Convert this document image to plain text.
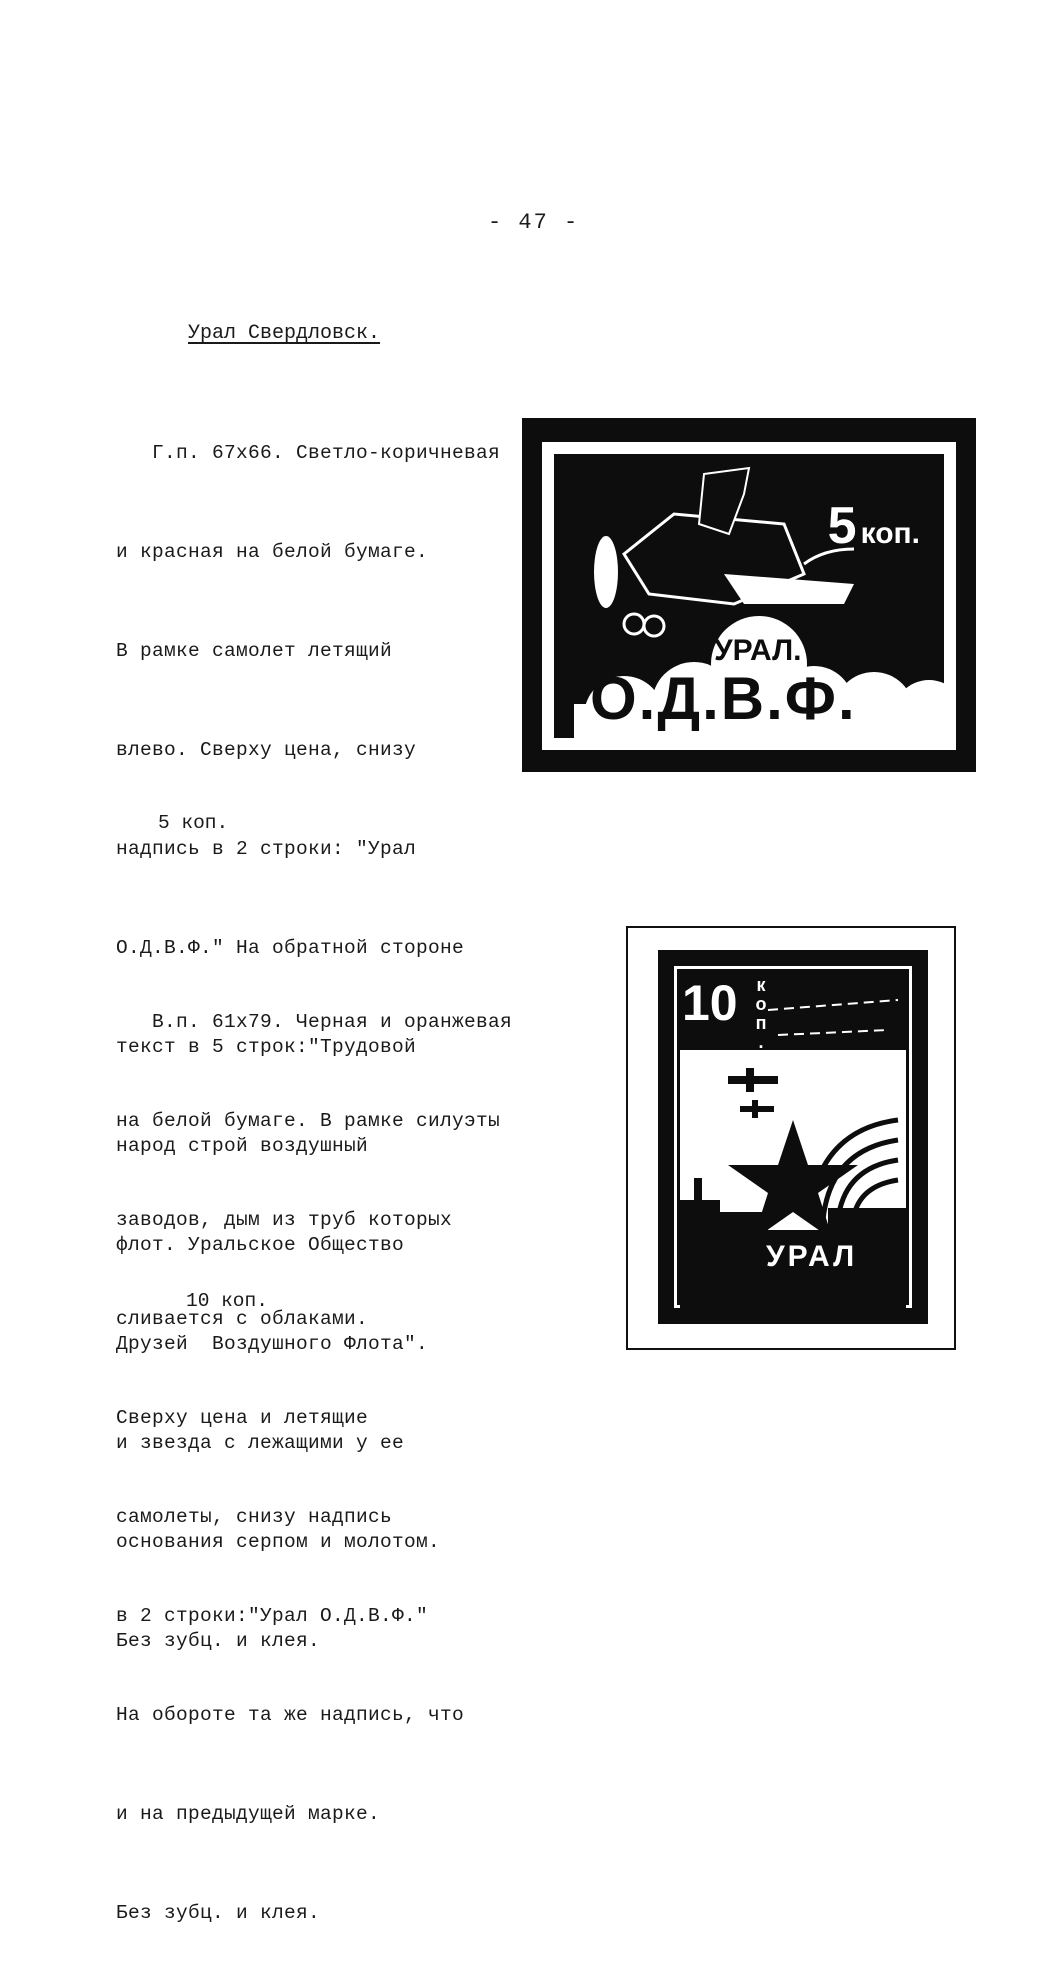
- 47 -
Урал Свердловск.

Г.п. 67х66. Светло-коричневая

и красная на белой бумаге.

В рамке самолет летящий

влево. Сверху цена, снизу

надпись в 2 строки: "Урал

О.Д.В.Ф." На обратной стороне

текст в 5 строк:"Трудовой

народ строй воздушный

флот. Уральское Общество

Друзей  Воздушного Флота".

и звезда с лежащими у ее

основания серпом и молотом.

Без зубц. и клея.

5 коп.
5 коп.
УРАЛ.
О.Д.В.Ф.

В.п. 61х79. Черная и оранжевая

на белой бумаге. В рамке силуэты

заводов, дым из труб которых

сливается с облаками.

Сверху цена и летящие

самолеты, снизу надпись

в 2 строки:"Урал О.Д.В.Ф."

На обороте та же надпись, что

и на предыдущей марке.

Без зубц. и клея.

10 коп.
10	к
о
п
.
УРАЛ
